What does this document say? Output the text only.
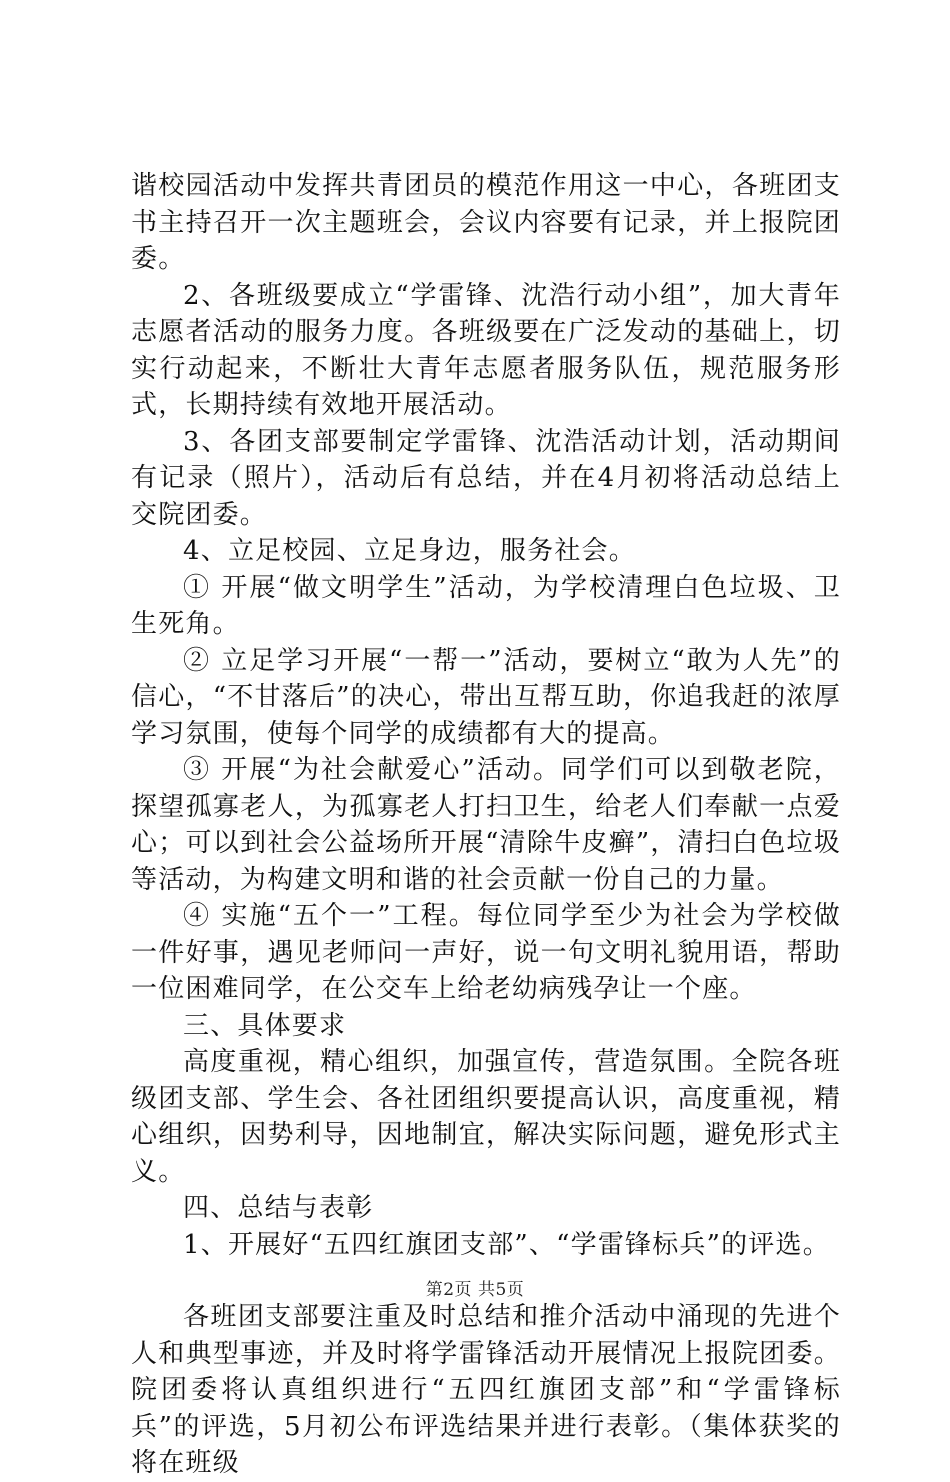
谐校园活动中发挥共青团员的模范作用这一中心，各班团支书主持召开一次主题班会，会议内容要有记录，并上报院团委。

2、各班级要成立“学雷锋、沈浩行动小组”，加大青年志愿者活动的服务力度。各班级要在广泛发动的基础上，切实行动起来，不断壮大青年志愿者服务队伍，规范服务形式，长期持续有效地开展活动。

3、各团支部要制定学雷锋、沈浩活动计划，活动期间有记录（照片），活动后有总结，并在4月初将活动总结上交院团委。

4、立足校园、立足身边，服务社会。

① 开展“做文明学生”活动，为学校清理白色垃圾、卫生死角。

② 立足学习开展“一帮一”活动，要树立“敢为人先”的信心，“不甘落后”的决心，带出互帮互助，你追我赶的浓厚学习氛围，使每个同学的成绩都有大的提高。

③ 开展“为社会献爱心”活动。同学们可以到敬老院，探望孤寡老人，为孤寡老人打扫卫生，给老人们奉献一点爱心；可以到社会公益场所开展“清除牛皮癣”，清扫白色垃圾等活动，为构建文明和谐的社会贡献一份自己的力量。

④ 实施“五个一”工程。每位同学至少为社会为学校做一件好事，遇见老师问一声好，说一句文明礼貌用语，帮助一位困难同学，在公交车上给老幼病残孕让一个座。

三、具体要求

高度重视，精心组织，加强宣传，营造氛围。全院各班级团支部、学生会、各社团组织要提高认识，高度重视，精心组织，因势利导，因地制宜，解决实际问题，避免形式主义。

四、总结与表彰

1、开展好“五四红旗团支部”、“学雷锋标兵”的评选。

各班团支部要注重及时总结和推介活动中涌现的先进个人和典型事迹，并及时将学雷锋活动开展情况上报院团委。院团委将认真组织进行“五四红旗团支部”和“学雷锋标兵”的评选，5月初公布评选结果并进行表彰。（集体获奖的将在班级

第2页 共5页
